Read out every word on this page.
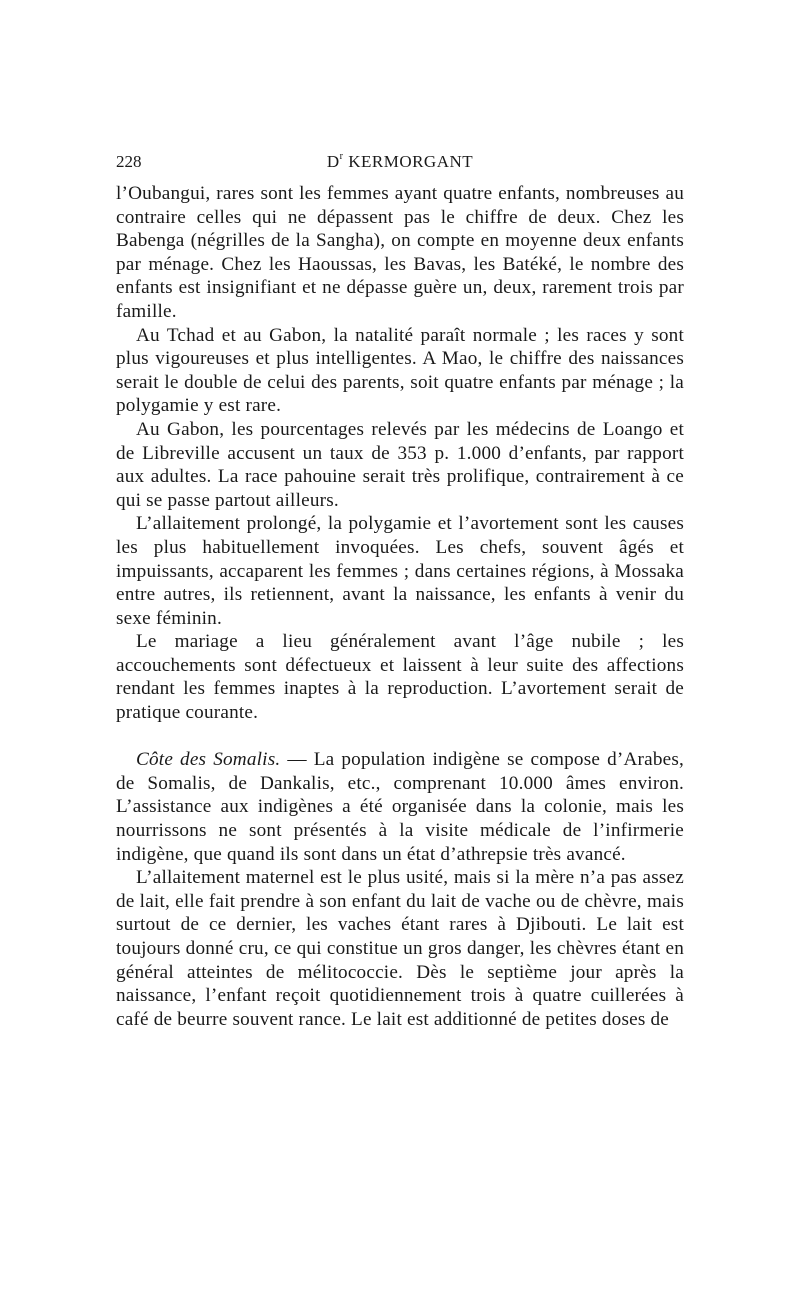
228	$D^r$ KERMORGANT

l’Oubangui, rares sont les femmes ayant quatre enfants, nombreuses au contraire celles qui ne dépassent pas le chiffre de deux. Chez les Babenga (négrilles de la Sangha), on compte en moyenne deux enfants par ménage. Chez les Haoussas, les Bavas, les Batéké, le nombre des enfants est insignifiant et ne dépasse guère un, deux, rarement trois par famille.

Au Tchad et au Gabon, la natalité paraît normale ; les races y sont plus vigoureuses et plus intelligentes. A Mao, le chiffre des naissances serait le double de celui des parents, soit quatre enfants par ménage ; la polygamie y est rare.

Au Gabon, les pourcentages relevés par les médecins de Loango et de Libreville accusent un taux de 353 p. 1.000 d’enfants, par rapport aux adultes. La race pahouine serait très prolifique, contrairement à ce qui se passe partout ailleurs.

L’allaitement prolongé, la polygamie et l’avortement sont les causes les plus habituellement invoquées. Les chefs, souvent âgés et impuissants, accaparent les femmes ; dans certaines régions, à Mossaka entre autres, ils retiennent, avant la naissance, les enfants à venir du sexe féminin.

Le mariage a lieu généralement avant l’âge nubile ; les accouchements sont défectueux et laissent à leur suite des affections rendant les femmes inaptes à la reproduction. L’avortement serait de pratique courante.

Côte des Somalis. — La population indigène se compose d’Arabes, de Somalis, de Dankalis, etc., comprenant 10.000 âmes environ. L’assistance aux indigènes a été organisée dans la colonie, mais les nourrissons ne sont présentés à la visite médicale de l’infirmerie indigène, que quand ils sont dans un état d’athrepsie très avancé.

L’allaitement maternel est le plus usité, mais si la mère n’a pas assez de lait, elle fait prendre à son enfant du lait de vache ou de chèvre, mais surtout de ce dernier, les vaches étant rares à Djibouti. Le lait est toujours donné cru, ce qui constitue un gros danger, les chèvres étant en général atteintes de mélitococcie. Dès le septième jour après la naissance, l’enfant reçoit quotidiennement trois à quatre cuillerées à café de beurre souvent rance. Le lait est additionné de petites doses de
